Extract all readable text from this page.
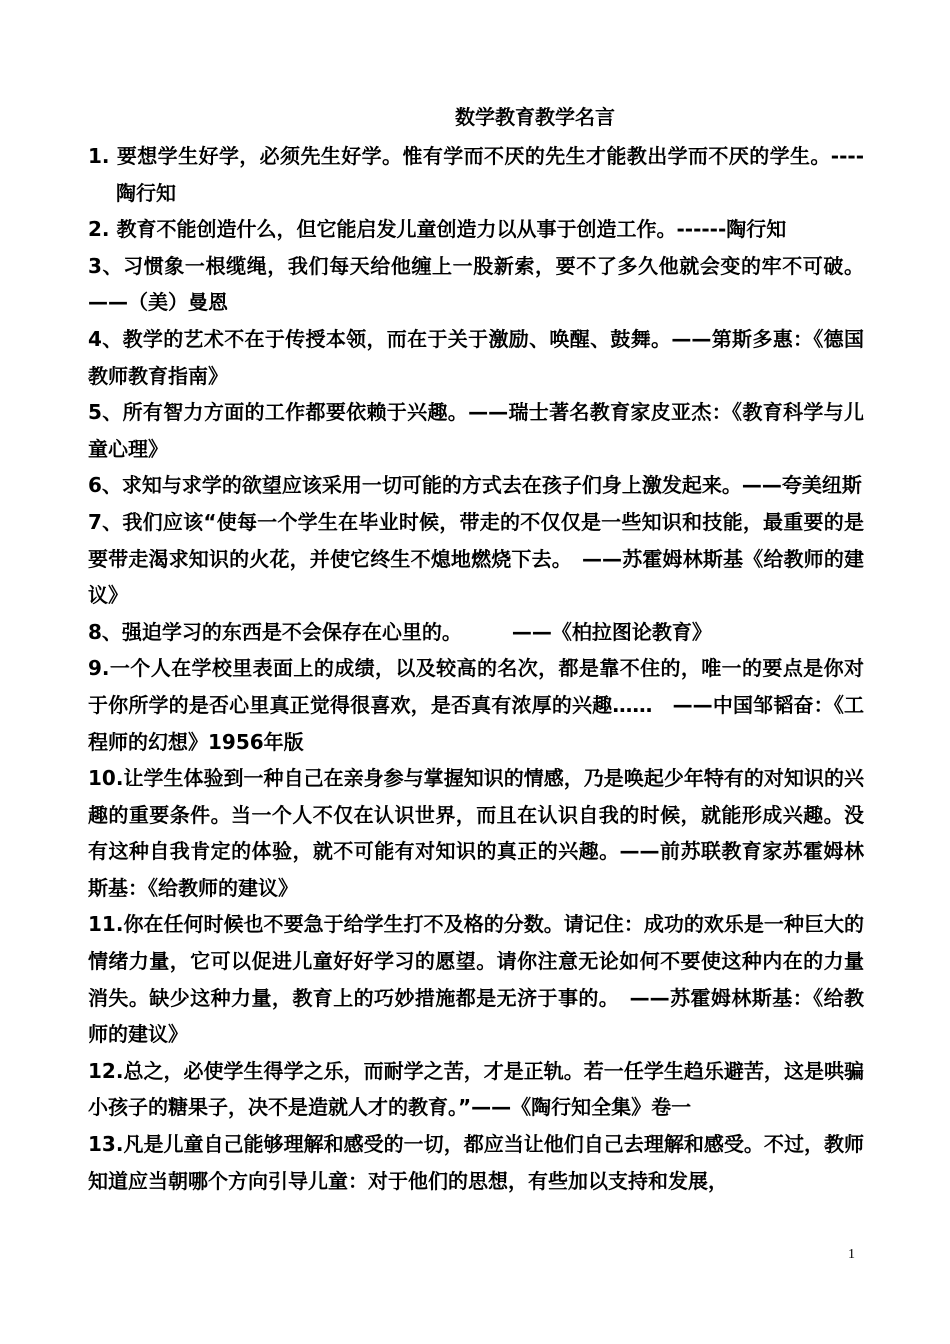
数学教育教学名言

1. 要想学生好学，必须先生好学。惟有学而不厌的先生才能教出学而不厌的学生。----陶行知

2. 教育不能创造什么，但它能启发儿童创造力以从事于创造工作。------陶行知

3、习惯象一根缆绳，我们每天给他缠上一股新索，要不了多久他就会变的牢不可破。——（美）曼恩

4、教学的艺术不在于传授本领，而在于关于激励、唤醒、鼓舞。——第斯多惠：《德国教师教育指南》

5、所有智力方面的工作都要依赖于兴趣。——瑞士著名教育家皮亚杰：《教育科学与儿童心理》

6、求知与求学的欲望应该采用一切可能的方式去在孩子们身上激发起来。——夸美纽斯

7、我们应该“使每一个学生在毕业时候，带走的不仅仅是一些知识和技能，最重要的是要带走渴求知识的火花，并使它终生不熄地燃烧下去。　——苏霍姆林斯基《给教师的建议》

8、强迫学习的东西是不会保存在心里的。　　　——《柏拉图论教育》

9.一个人在学校里表面上的成绩，以及较高的名次，都是靠不住的，唯一的要点是你对于你所学的是否心里真正觉得很喜欢，是否真有浓厚的兴趣……　——中国邹韬奋：《工程师的幻想》1956年版

10.让学生体验到一种自己在亲身参与掌握知识的情感，乃是唤起少年特有的对知识的兴趣的重要条件。当一个人不仅在认识世界，而且在认识自我的时候，就能形成兴趣。没有这种自我肯定的体验，就不可能有对知识的真正的兴趣。——前苏联教育家苏霍姆林斯基：《给教师的建议》

11.你在任何时候也不要急于给学生打不及格的分数。请记住：成功的欢乐是一种巨大的情绪力量，它可以促进儿童好好学习的愿望。请你注意无论如何不要使这种内在的力量消失。缺少这种力量，教育上的巧妙措施都是无济于事的。　——苏霍姆林斯基：《给教师的建议》

12.总之，必使学生得学之乐，而耐学之苦，才是正轨。若一任学生趋乐避苦，这是哄骗小孩子的糖果子，决不是造就人才的教育。”——《陶行知全集》卷一

13.凡是儿童自己能够理解和感受的一切，都应当让他们自己去理解和感受。不过，教师知道应当朝哪个方向引导儿童：对于他们的思想，有些加以支持和发展，

1
